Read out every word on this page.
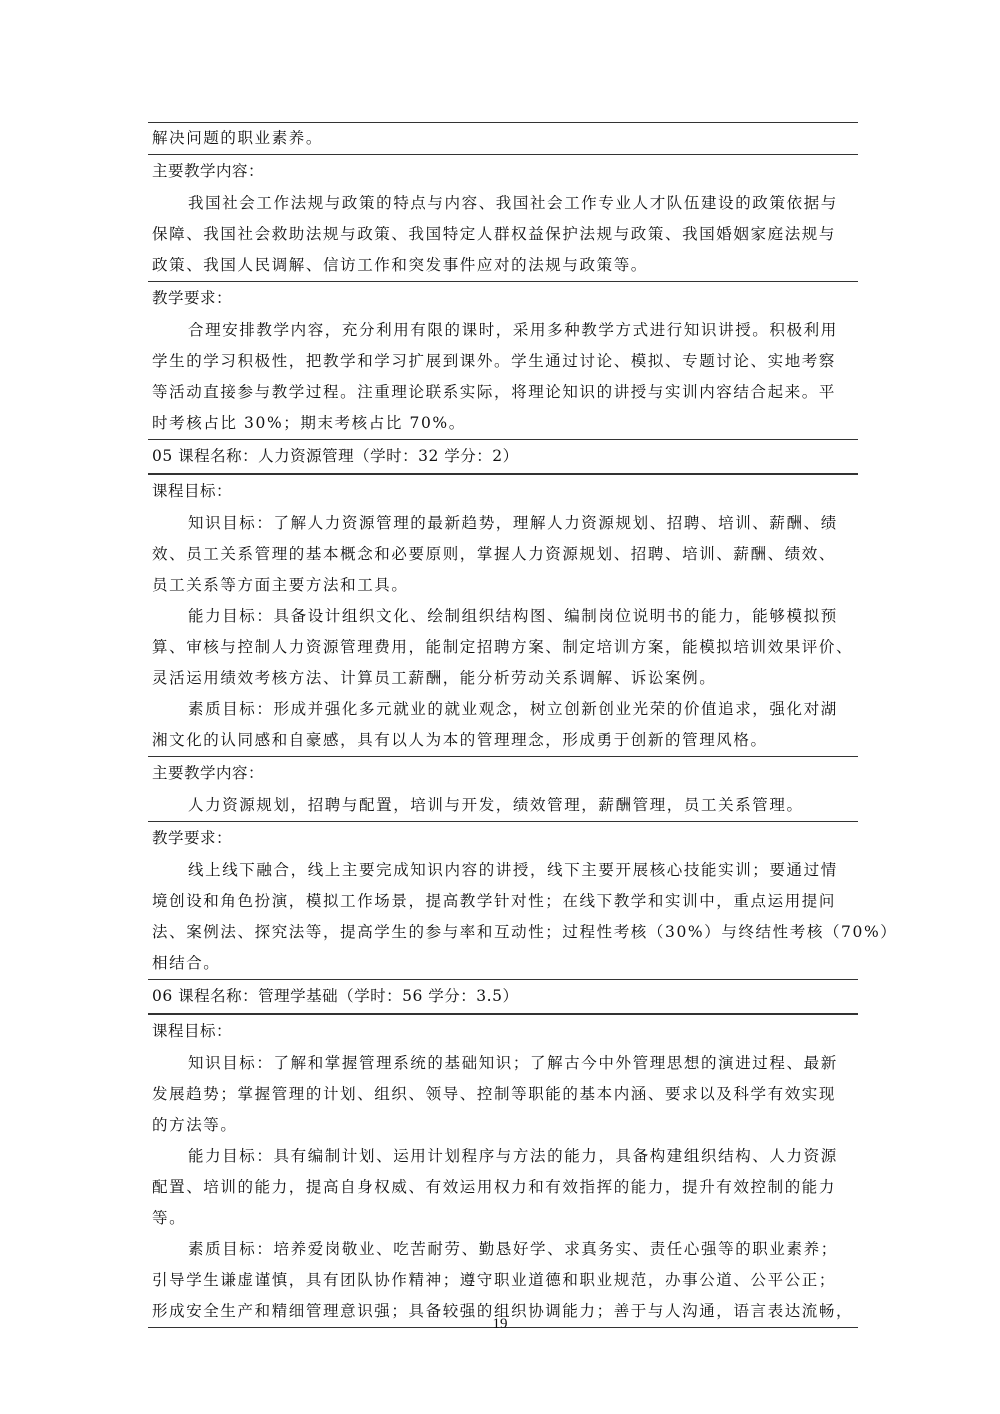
解决问题的职业素养。
主要教学内容：
我国社会工作法规与政策的特点与内容、我国社会工作专业人才队伍建设的政策依据与
保障、我国社会救助法规与政策、我国特定人群权益保护法规与政策、我国婚姻家庭法规与
政策、我国人民调解、信访工作和突发事件应对的法规与政策等。
教学要求：
合理安排教学内容，充分利用有限的课时，采用多种教学方式进行知识讲授。积极利用
学生的学习积极性，把教学和学习扩展到课外。学生通过讨论、模拟、专题讨论、实地考察
等活动直接参与教学过程。注重理论联系实际，将理论知识的讲授与实训内容结合起来。平
时考核占比 30%；期末考核占比 70%。
05 课程名称：人力资源管理（学时：32 学分：2）
课程目标：
知识目标：了解人力资源管理的最新趋势，理解人力资源规划、招聘、培训、薪酬、绩
效、员工关系管理的基本概念和必要原则，掌握人力资源规划、招聘、培训、薪酬、绩效、
员工关系等方面主要方法和工具。
能力目标：具备设计组织文化、绘制组织结构图、编制岗位说明书的能力，能够模拟预
算、审核与控制人力资源管理费用，能制定招聘方案、制定培训方案，能模拟培训效果评价、
灵活运用绩效考核方法、计算员工薪酬，能分析劳动关系调解、诉讼案例。
素质目标：形成并强化多元就业的就业观念，树立创新创业光荣的价值追求，强化对湖
湘文化的认同感和自豪感，具有以人为本的管理理念，形成勇于创新的管理风格。
主要教学内容：
人力资源规划，招聘与配置，培训与开发，绩效管理，薪酬管理，员工关系管理。
教学要求：
线上线下融合，线上主要完成知识内容的讲授，线下主要开展核心技能实训；要通过情
境创设和角色扮演，模拟工作场景，提高教学针对性；在线下教学和实训中，重点运用提问
法、案例法、探究法等，提高学生的参与率和互动性；过程性考核（30%）与终结性考核（70%）
相结合。
06 课程名称：管理学基础（学时：56 学分：3.5）
课程目标：
知识目标：了解和掌握管理系统的基础知识；了解古今中外管理思想的演进过程、最新
发展趋势；掌握管理的计划、组织、领导、控制等职能的基本内涵、要求以及科学有效实现
的方法等。
能力目标：具有编制计划、运用计划程序与方法的能力，具备构建组织结构、人力资源
配置、培训的能力，提高自身权威、有效运用权力和有效指挥的能力，提升有效控制的能力
等。
素质目标：培养爱岗敬业、吃苦耐劳、勤恳好学、求真务实、责任心强等的职业素养；
引导学生谦虚谨慎，具有团队协作精神；遵守职业道德和职业规范，办事公道、公平公正；
形成安全生产和精细管理意识强；具备较强的组织协调能力；善于与人沟通，语言表达流畅，
19
